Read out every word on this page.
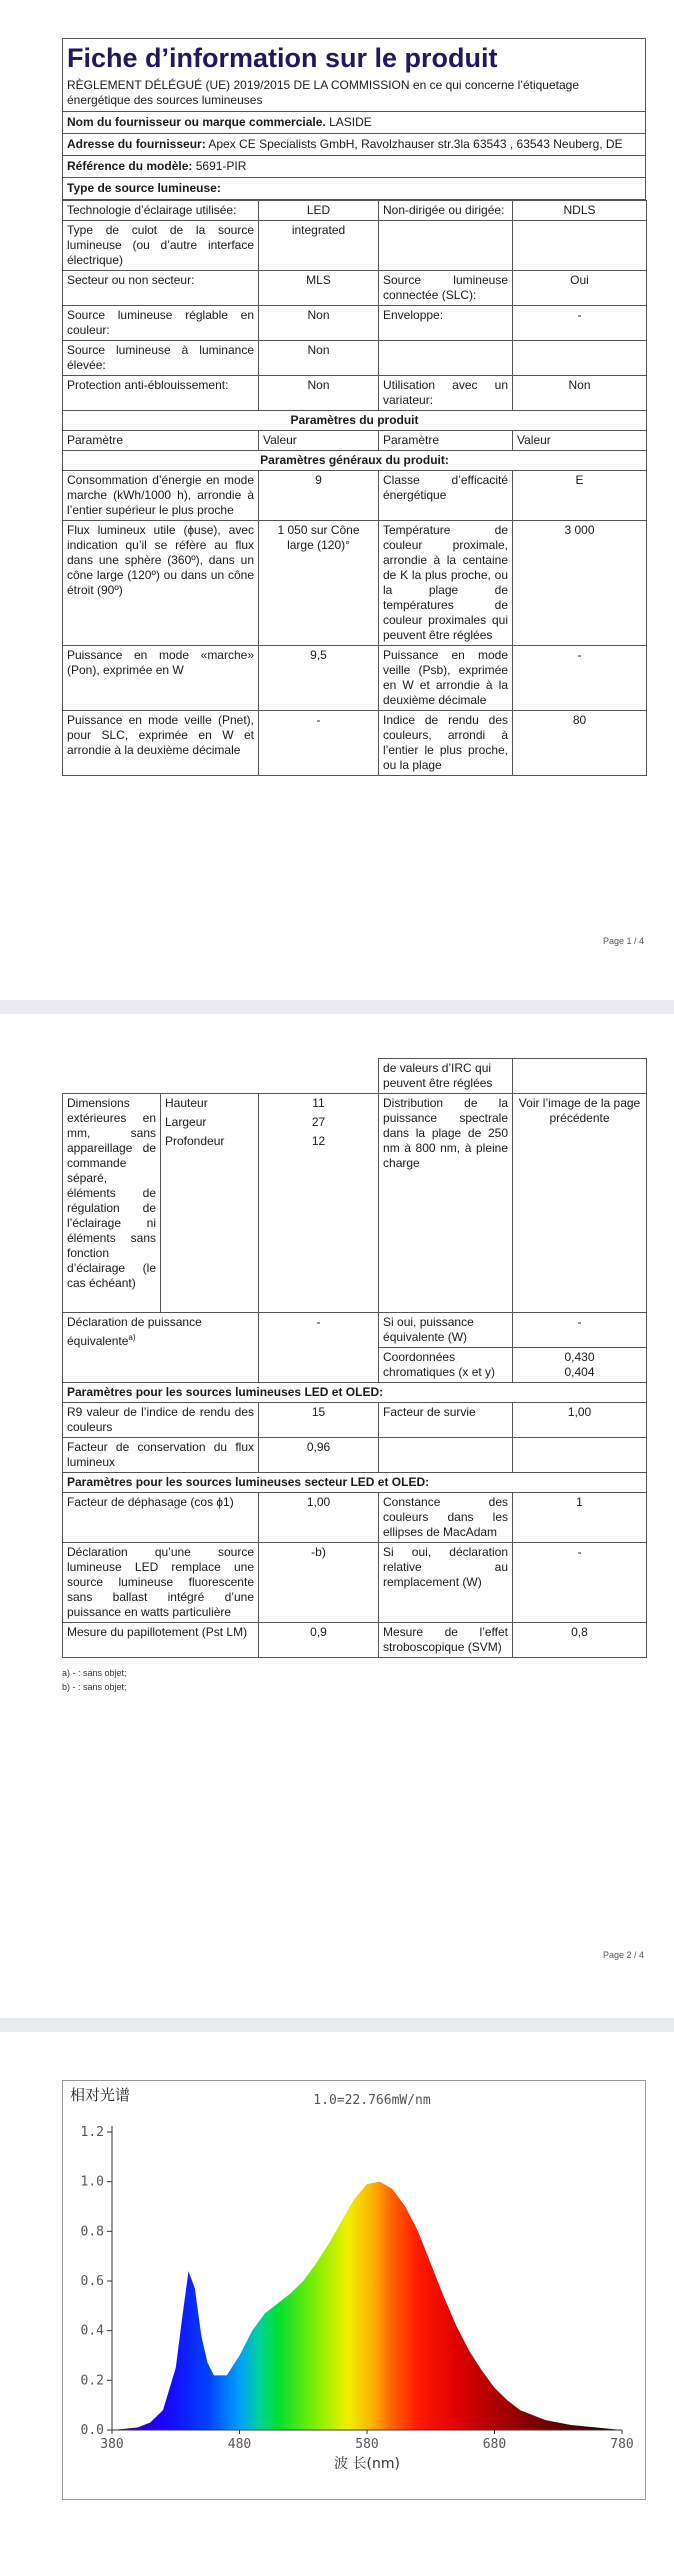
Fiche d’information sur le produit
RÈGLEMENT DÉLÉGUÉ (UE) 2019/2015 DE LA COMMISSION en ce qui concerne l’étiquetage énergétique des sources lumineuses
Nom du fournisseur ou marque commerciale. LASIDE
Adresse du fournisseur: Apex CE Specialists GmbH, Ravolzhauser str.3la 63543 , 63543 Neuberg, DE
Référence du modèle: 5691-PIR
Type de source lumineuse:
Technologie d’éclairage utilisée:	LED	Non-dirigée ou dirigée:	NDLS
Type de culot de la source lumineuse (ou d’autre interface électrique)	integrated		
Secteur ou non secteur:	MLS	Source lumineuse connectée (SLC):	Oui
Source lumineuse réglable en couleur:	Non	Enveloppe:	-
Source lumineuse à luminance élevée:	Non		
Protection anti-éblouissement:	Non	Utilisation avec un variateur:	Non
Paramètres du produit			
Paramètre	Valeur	Paramètre	Valeur
Paramètres généraux du produit:			
Consommation d’énergie en mode marche (kWh/1000 h), arrondie à l’entier supérieur le plus proche	9	Classe d’efficacité énergétique	E
Flux lumineux utile (ɸuse), avec indication qu’il se réfère au flux dans une sphère (360º), dans un cône large (120º) ou dans un cône étroit (90º)	1 050 sur Cône large (120)°	Température de couleur proximale, arrondie à la centaine de K la plus proche, ou la plage de températures de couleur proximales qui peuvent être réglées	3 000
Puissance en mode «marche» (Pon), exprimée en W	9,5	Puissance en mode veille (Psb), exprimée en W et arrondie à la deuxième décimale	-
Puissance en mode veille (Pnet), pour SLC, exprimée en W et arrondie à la deuxième décimale	-	Indice de rendu des couleurs, arrondi à l’entier le plus proche, ou la plage	80
Page 1 / 4
			de valeurs d’IRC qui peuvent être réglées	
Dimensions extérieures en mm, sans appareillage de commande séparé, éléments de régulation de l’éclairage ni éléments sans fonction d’éclairage (le cas échéant)	Hauteur	11	Distribution de la puissance spectrale dans la plage de 250 nm à 800 nm, à pleine charge	Voir l’image de la page précédente
	Largeur	27		
	Profondeur	12		
Déclaration de puissance équivalente$^{a)}$		-	Si oui, puissance équivalente (W)	-
			Coordonnées chromatiques (x et y)	0,430
0,404
Paramètres pour les sources lumineuses LED et OLED:			
R9 valeur de l’indice de rendu des couleurs	15	Facteur de survie	1,00
Facteur de conservation du flux lumineux	0,96		
Paramètres pour les sources lumineuses secteur LED et OLED:			
Facteur de déphasage (cos ɸ1)	1,00	Constance des couleurs dans les ellipses de MacAdam	1
Déclaration qu’une source lumineuse LED remplace une source lumineuse fluorescente sans ballast intégré d’une puissance en watts particulière	-b)	Si oui, déclaration relative au remplacement (W)	-
Mesure du papillotement (Pst LM)	0,9	Mesure de l’effet stroboscopique (SVM)	0,8
a) - : sans objet;
b) - : sans objet;
Page 2 / 4
0.0
0.2
0.4
0.6
0.8
1.0
1.2
380	480	580	680	780
相对光谱	1.0=22.766mW/nm
波 长(nm)
